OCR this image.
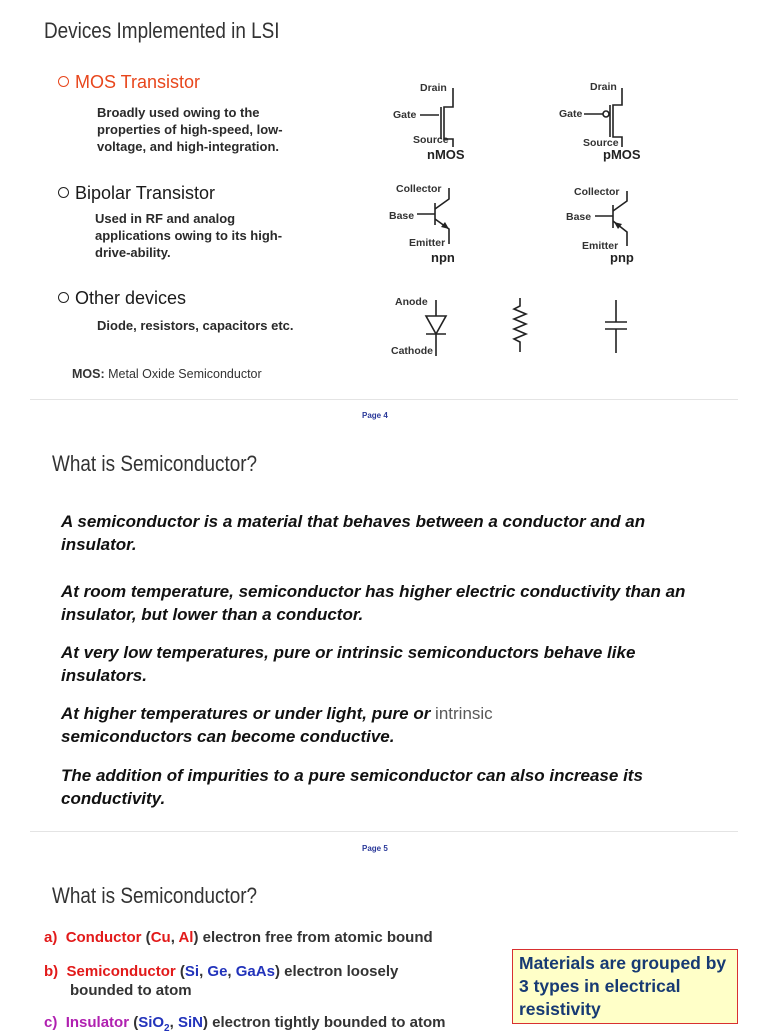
Devices Implemented in LSI
MOS Transistor
Broadly used owing to the
properties of high-speed, low-
voltage, and high-integration.
Bipolar Transistor
Used in RF and analog
applications owing to its high-
drive-ability.
Other devices
Diode, resistors, capacitors etc.
MOS: Metal Oxide Semiconductor
Drain
Gate
Source
nMOS
Drain
Gate
Source
pMOS
Collector
Base
Emitter
npn
Collector
Base
Emitter
pnp
Anode
Cathode
Page 4
What is Semiconductor?
A semiconductor is a material that behaves between a conductor and an insulator.
At room temperature, semiconductor has higher electric conductivity than an insulator, but lower than a conductor.
At very low temperatures, pure or intrinsic semiconductors behave like insulators.
At higher temperatures or under light, pure or intrinsic
semiconductors can become conductive.
The addition of impurities to a pure semiconductor can also increase its conductivity.
Page 5
What is Semiconductor?
a) Conductor (Cu, Al) electron free from atomic bound
b) Semiconductor (Si, Ge, GaAs) electron loosely
bounded to atom
c) Insulator (SiO$_2$, SiN) electron tightly bounded to atom
Materials are grouped by 3 types in electrical resistivity
